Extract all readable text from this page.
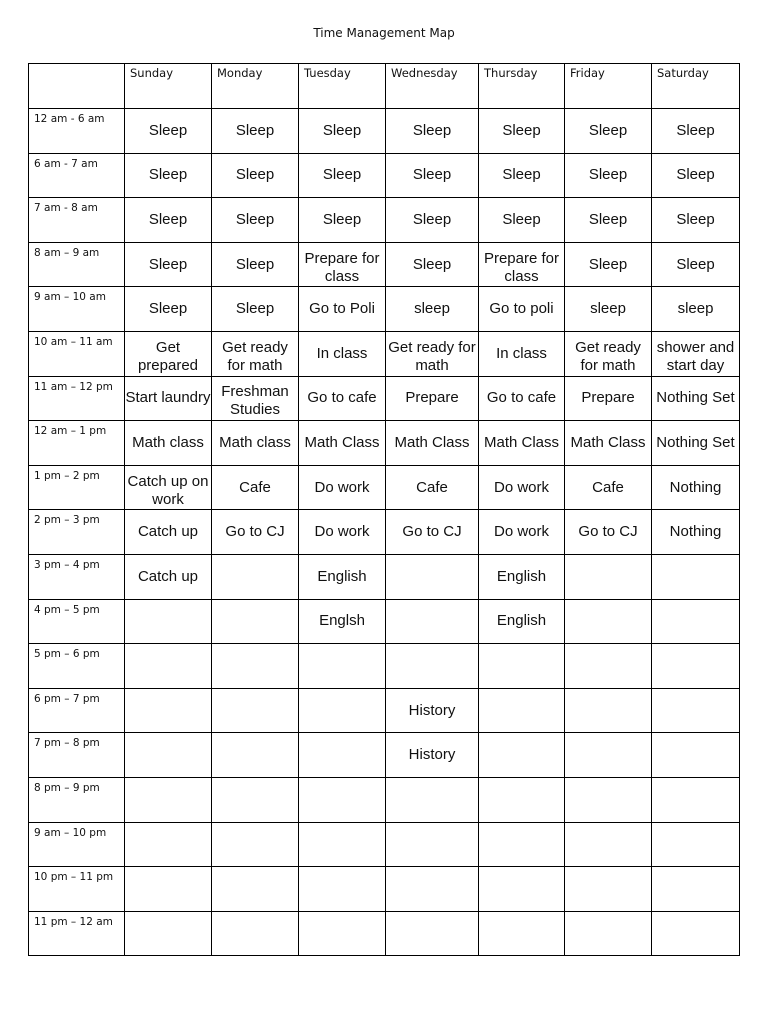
Time Management Map
	Sunday	Monday	Tuesday	Wednesday	Thursday	Friday	Saturday
12 am - 6 am	Sleep	Sleep	Sleep	Sleep	Sleep	Sleep	Sleep

6 am - 7 am	Sleep	Sleep	Sleep	Sleep	Sleep	Sleep	Sleep

7 am - 8 am	Sleep	Sleep	Sleep	Sleep	Sleep	Sleep	Sleep

8 am – 9 am	Sleep	Sleep	Prepare for class	Sleep	Prepare for class	Sleep	Sleep

9 am – 10 am	Sleep	Sleep	Go to Poli	sleep	Go to poli	sleep	sleep

10 am – 11 am	Get prepared	Get ready for math	In class	Get ready for math	In class	Get ready for math	shower and start day

11 am – 12 pm	Start laundry	Freshman Studies	Go to cafe	Prepare	Go to cafe	Prepare	Nothing Set

12 am – 1 pm	Math class	Math class	Math Class	Math Class	Math Class	Math Class	Nothing Set

1 pm – 2 pm	Catch up on work	Cafe	Do work	Cafe	Do work	Cafe	Nothing

2 pm – 3 pm	Catch up	Go to CJ	Do work	Go to CJ	Do work	Go to CJ	Nothing

3 pm – 4 pm	Catch up		English		English		

4 pm – 5 pm			Englsh		English		

5 pm – 6 pm	

6 pm – 7 pm				History			

7 pm – 8 pm				History			

8 pm – 9 pm	

9 am – 10 pm	

10 pm – 11 pm	

11 pm – 12 am	
